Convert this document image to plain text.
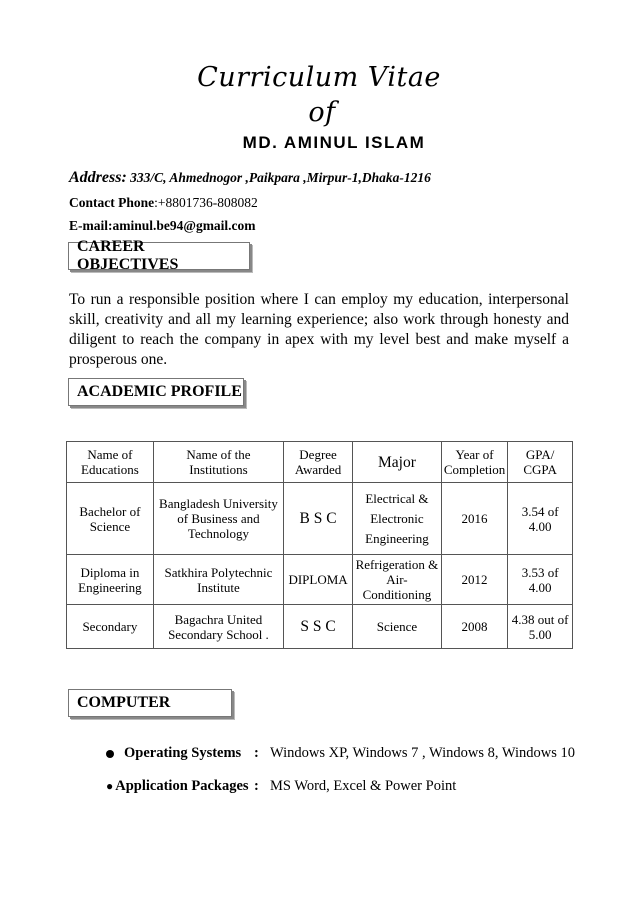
Curriculum Vitae
of
MD. AMINUL ISLAM
Address: 333/C, Ahmednogor ,Paikpara ,Mirpur-1,Dhaka-1216
Contact Phone:+8801736-808082
E-mail:aminul.be94@gmail.com
CAREER OBJECTIVES
To run a responsible position where I can employ my education, interpersonal skill, creativity and all my learning experience; also work through honesty and diligent to reach the company in apex with my level best and make myself a prosperous one.
ACADEMIC PROFILE
Name of Educations	Name of the Institutions	Degree Awarded	Major	Year of Completion	GPA/ CGPA
Bachelor of Science	Bangladesh University of Business and Technology	B S C	Electrical & Electronic Engineering	2016	3.54 of 4.00
Diploma in Engineering	Satkhira Polytechnic Institute	DIPLOMA	Refrigeration & Air-Conditioning	2012	3.53 of 4.00
Secondary	Bagachra United Secondary School .	S S C	Science	2008	4.38 out of 5.00
COMPUTER
Operating Systems : Windows XP, Windows 7 , Windows 8, Windows 10
● Application Packages : MS Word, Excel & Power Point
